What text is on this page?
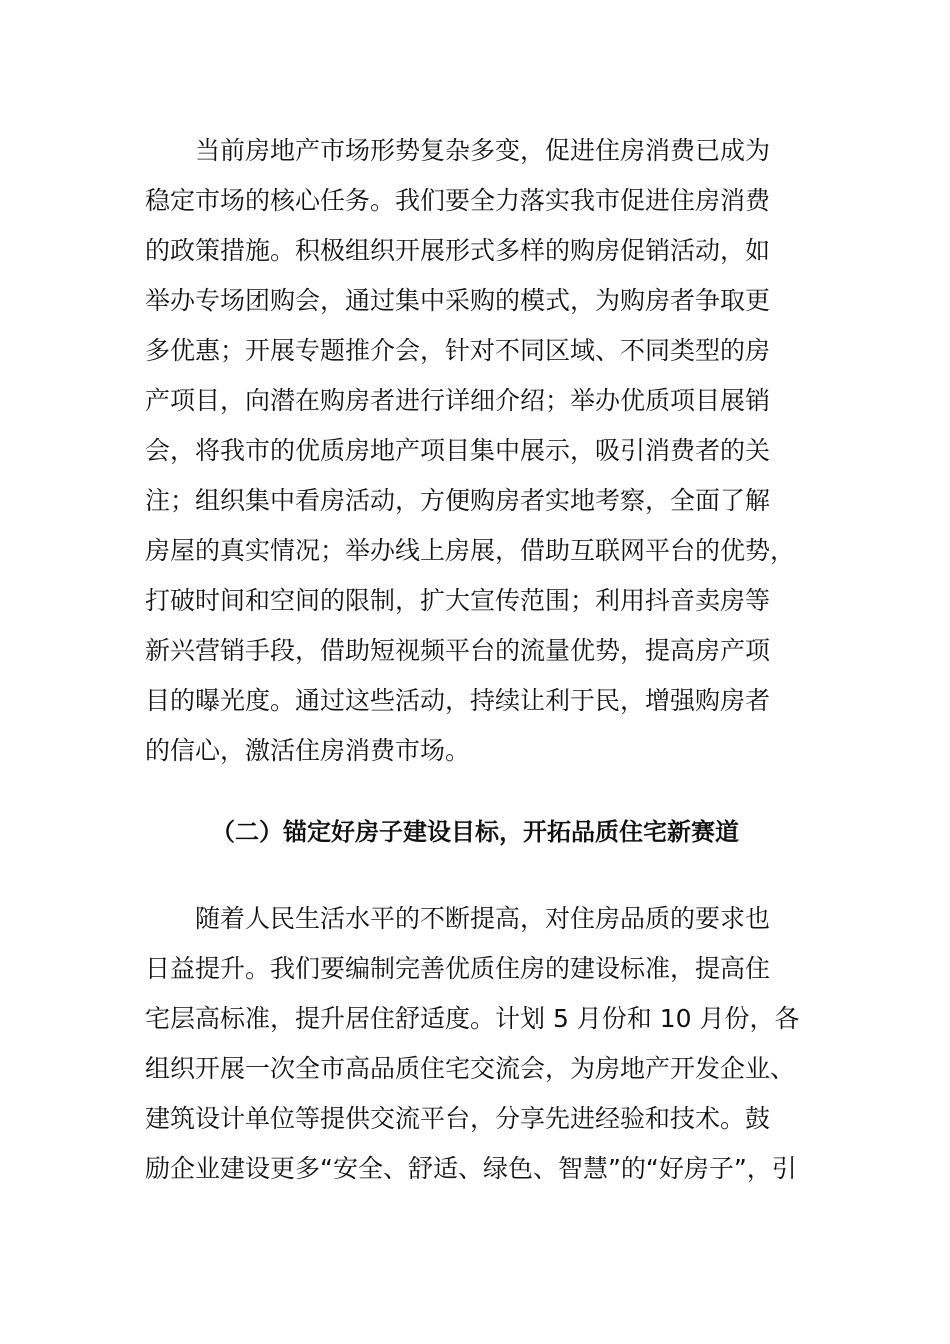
当前房地产市场形势复杂多变，促进住房消费已成为
稳定市场的核心任务。我们要全力落实我市促进住房消费
的政策措施。积极组织开展形式多样的购房促销活动，如
举办专场团购会，通过集中采购的模式，为购房者争取更
多优惠；开展专题推介会，针对不同区域、不同类型的房
产项目，向潜在购房者进行详细介绍；举办优质项目展销
会，将我市的优质房地产项目集中展示，吸引消费者的关
注；组织集中看房活动，方便购房者实地考察，全面了解
房屋的真实情况；举办线上房展，借助互联网平台的优势，
打破时间和空间的限制，扩大宣传范围；利用抖音卖房等
新兴营销手段，借助短视频平台的流量优势，提高房产项
目的曝光度。通过这些活动，持续让利于民，增强购房者
的信心，激活住房消费市场。
（二）锚定好房子建设目标，开拓品质住宅新赛道
随着人民生活水平的不断提高，对住房品质的要求也
日益提升。我们要编制完善优质住房的建设标准，提高住
宅层高标准，提升居住舒适度。计划 5 月份和 10 月份，各
组织开展一次全市高品质住宅交流会，为房地产开发企业、
建筑设计单位等提供交流平台，分享先进经验和技术。鼓
励企业建设更多“安全、舒适、绿色、智慧”的“好房子”，引
